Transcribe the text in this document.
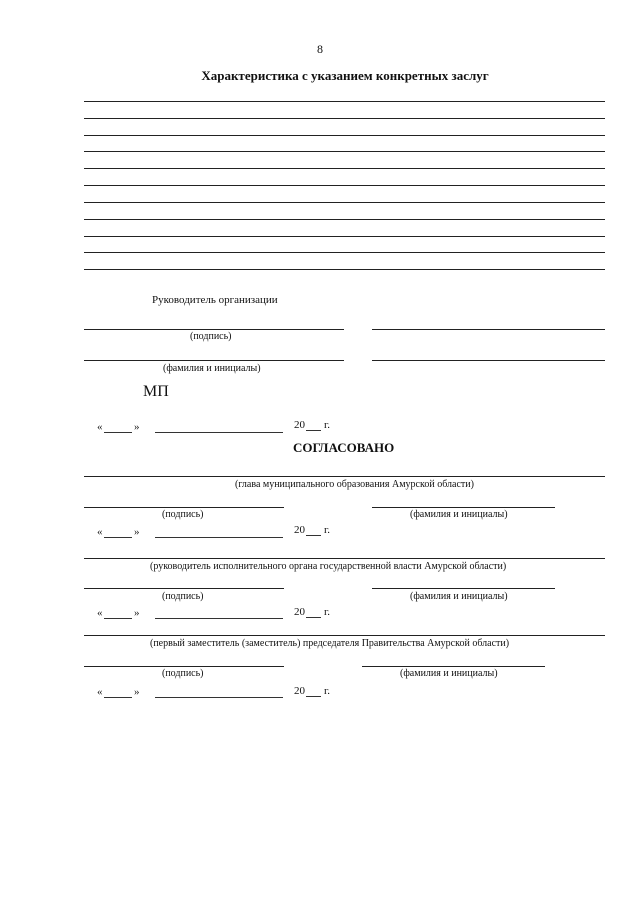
8
Характеристика с указанием конкретных заслуг
Руководитель организации
(подпись)
(фамилия и инициалы)
МП
«	»	20 г.
СОГЛАСОВАНО
(глава муниципального образования Амурской области)
(подпись)	(фамилия и инициалы)
«	»	20 г.
(руководитель исполнительного органа государственной власти Амурской области)
(подпись)	(фамилия и инициалы)
«	»	20 г.
(первый заместитель (заместитель) председателя Правительства Амурской области)
(подпись)	(фамилия и инициалы)
«	»	20 г.
